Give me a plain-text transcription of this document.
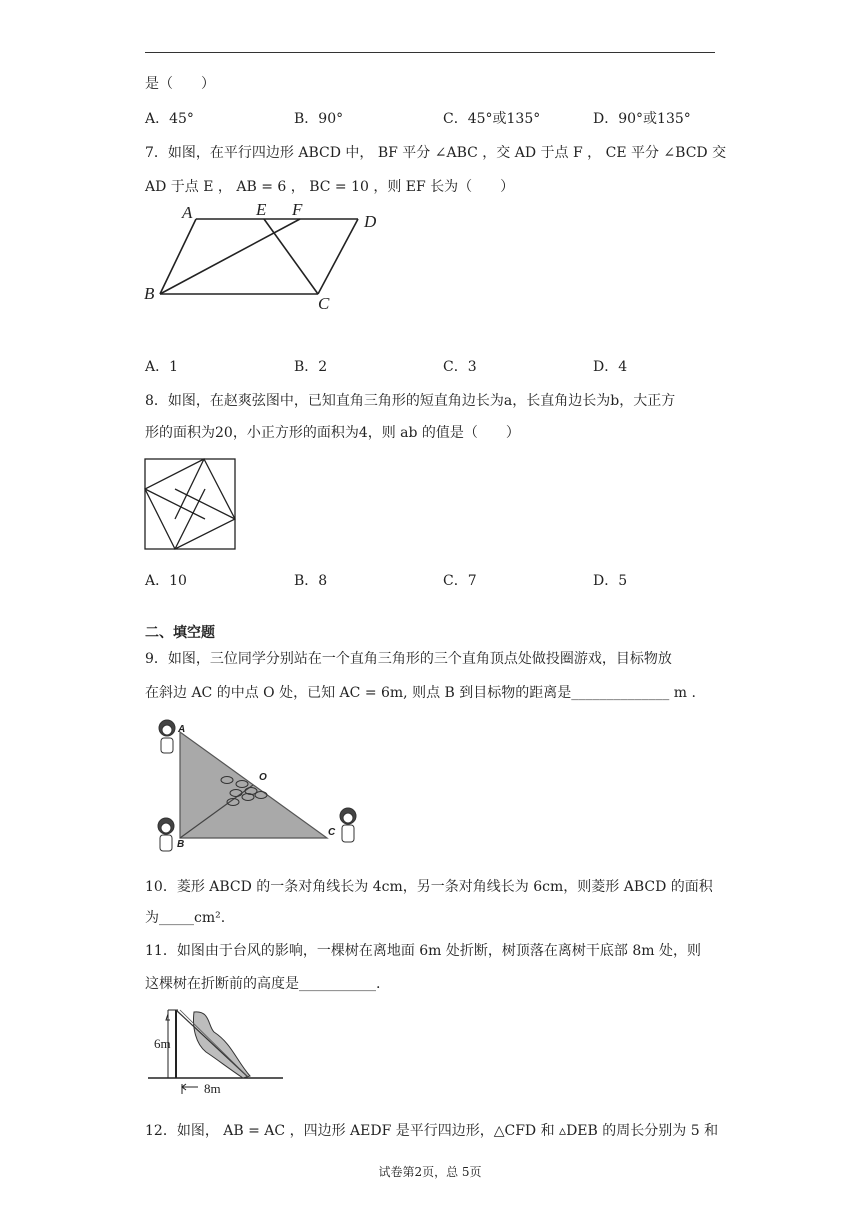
是（　　）
A．45°	B．90°	C．45°或135°	D．90°或135°
7．如图，在平行四边形 ABCD 中， BF 平分 ∠ABC ，交 AD 于点 F ， CE 平分 ∠BCD 交
AD 于点 E ， AB = 6 ， BC = 10 ，则 EF 长为（　　）
A	E F
D
B
C
A．1	B．2	C．3	D．4
8．如图，在赵爽弦图中，已知直角三角形的短直角边长为a，长直角边长为b，大正方
形的面积为20，小正方形的面积为4，则 ab 的值是（　　）
A．10	B．8	C．7	D．5
二、填空题
9．如图，三位同学分别站在一个直角三角形的三个直角顶点处做投圈游戏，目标物放
在斜边 AC 的中点 O 处，已知 AC = 6m, 则点 B 到目标物的距离是______________ m .
A
O
B
C
10．菱形 ABCD 的一条对角线长为 4cm，另一条对角线长为 6cm，则菱形 ABCD 的面积
为_____cm².
11．如图由于台风的影响，一棵树在离地面 6m 处折断，树顶落在离树干底部 8m 处，则
这棵树在折断前的高度是___________.
6m
8m
12．如图， AB = AC ，四边形 AEDF 是平行四边形，△CFD 和 ▵DEB 的周长分别为 5 和
试卷第2页，总 5页
